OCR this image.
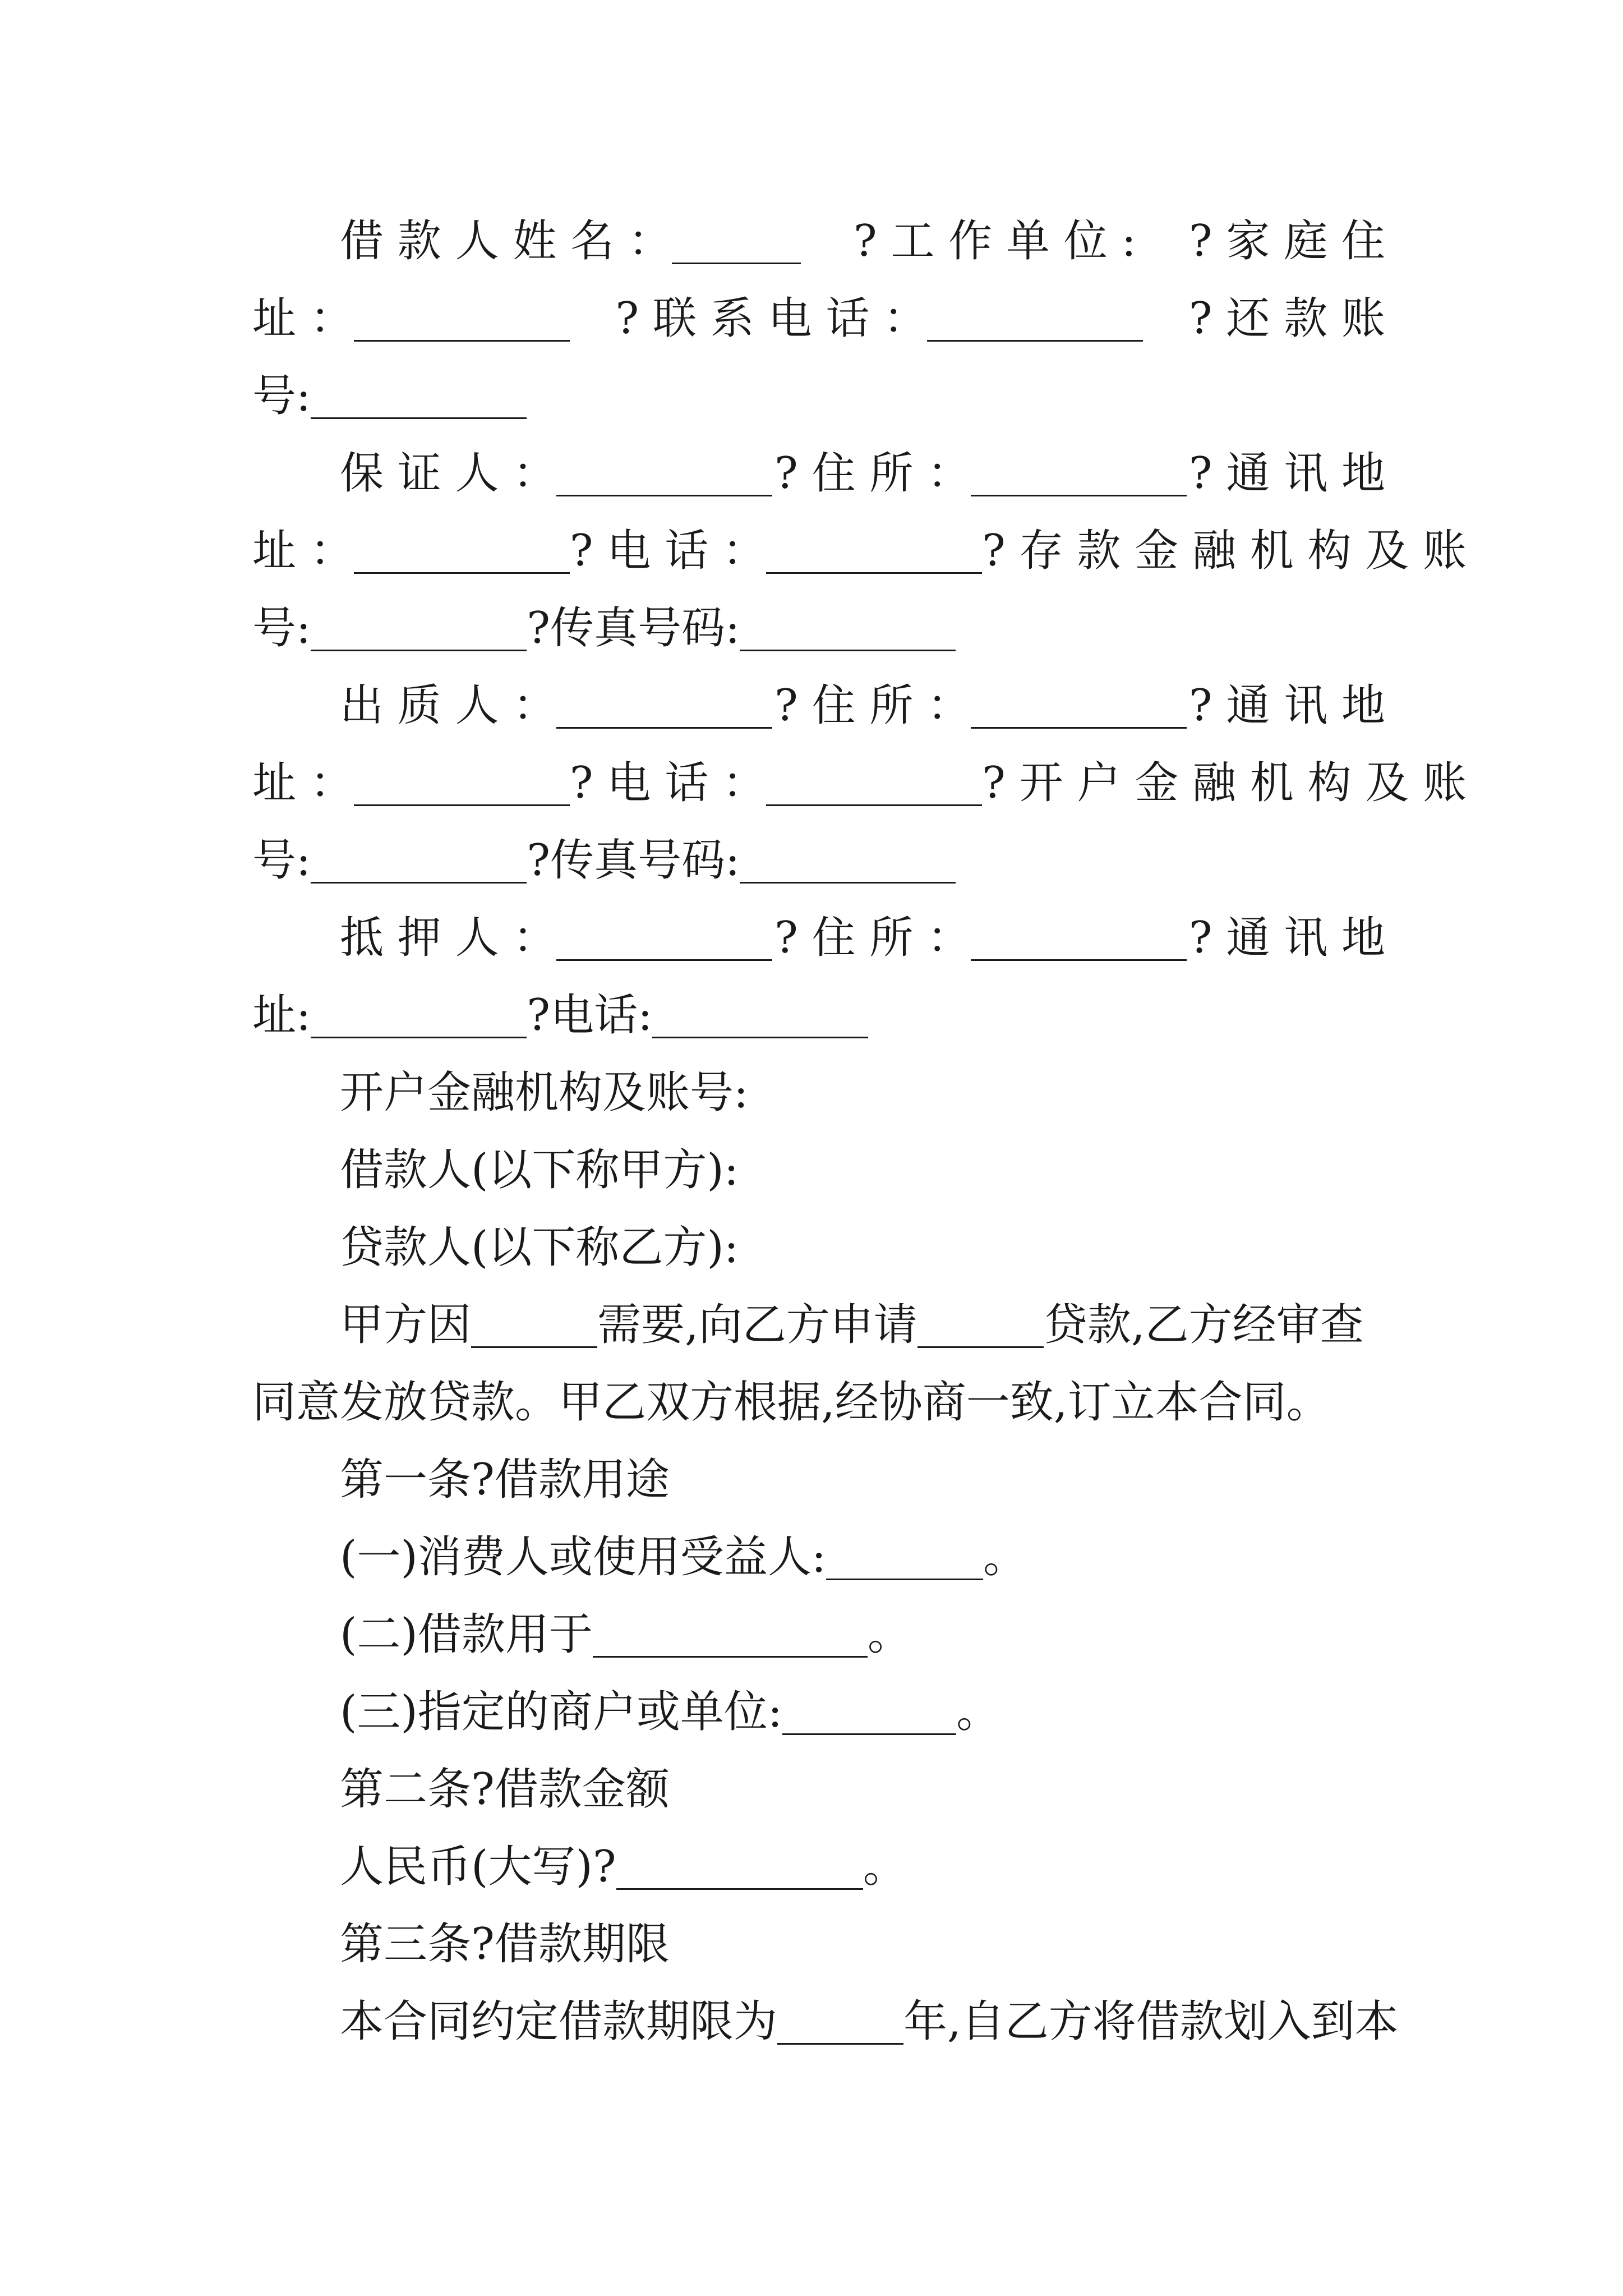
借 款 人 姓 名 ：	? 工 作 单 位 : ? 家 庭 住
址 ：	? 联 系 电 话 ：	? 还 款 账
号:
保 证 人 ：	? 住 所 ：	? 通 讯 地
址 ：	? 电 话 ：	? 存 款 金 融 机 构 及 账
号:	?传真号码:
出 质 人 ：	? 住 所 ：	? 通 讯 地
址 ：	? 电 话 ：	? 开 户 金 融 机 构 及 账
号:	?传真号码:
抵 押 人 ：	? 住 所 ：	? 通 讯 地
址:	?电话:
开户金融机构及账号:
借款人(以下称甲方):
贷款人(以下称乙方):
甲方因	需要,向乙方申请	贷款,乙方经审查
同意发放贷款。甲乙双方根据,经协商一致,订立本合同。
第一条?借款用途
(一)消费人或使用受益人:	。
(二)借款用于	。
(三)指定的商户或单位:	。
第二条?借款金额
人民币(大写)?	。
第三条?借款期限
本合同约定借款期限为	年,自乙方将借款划入到本
